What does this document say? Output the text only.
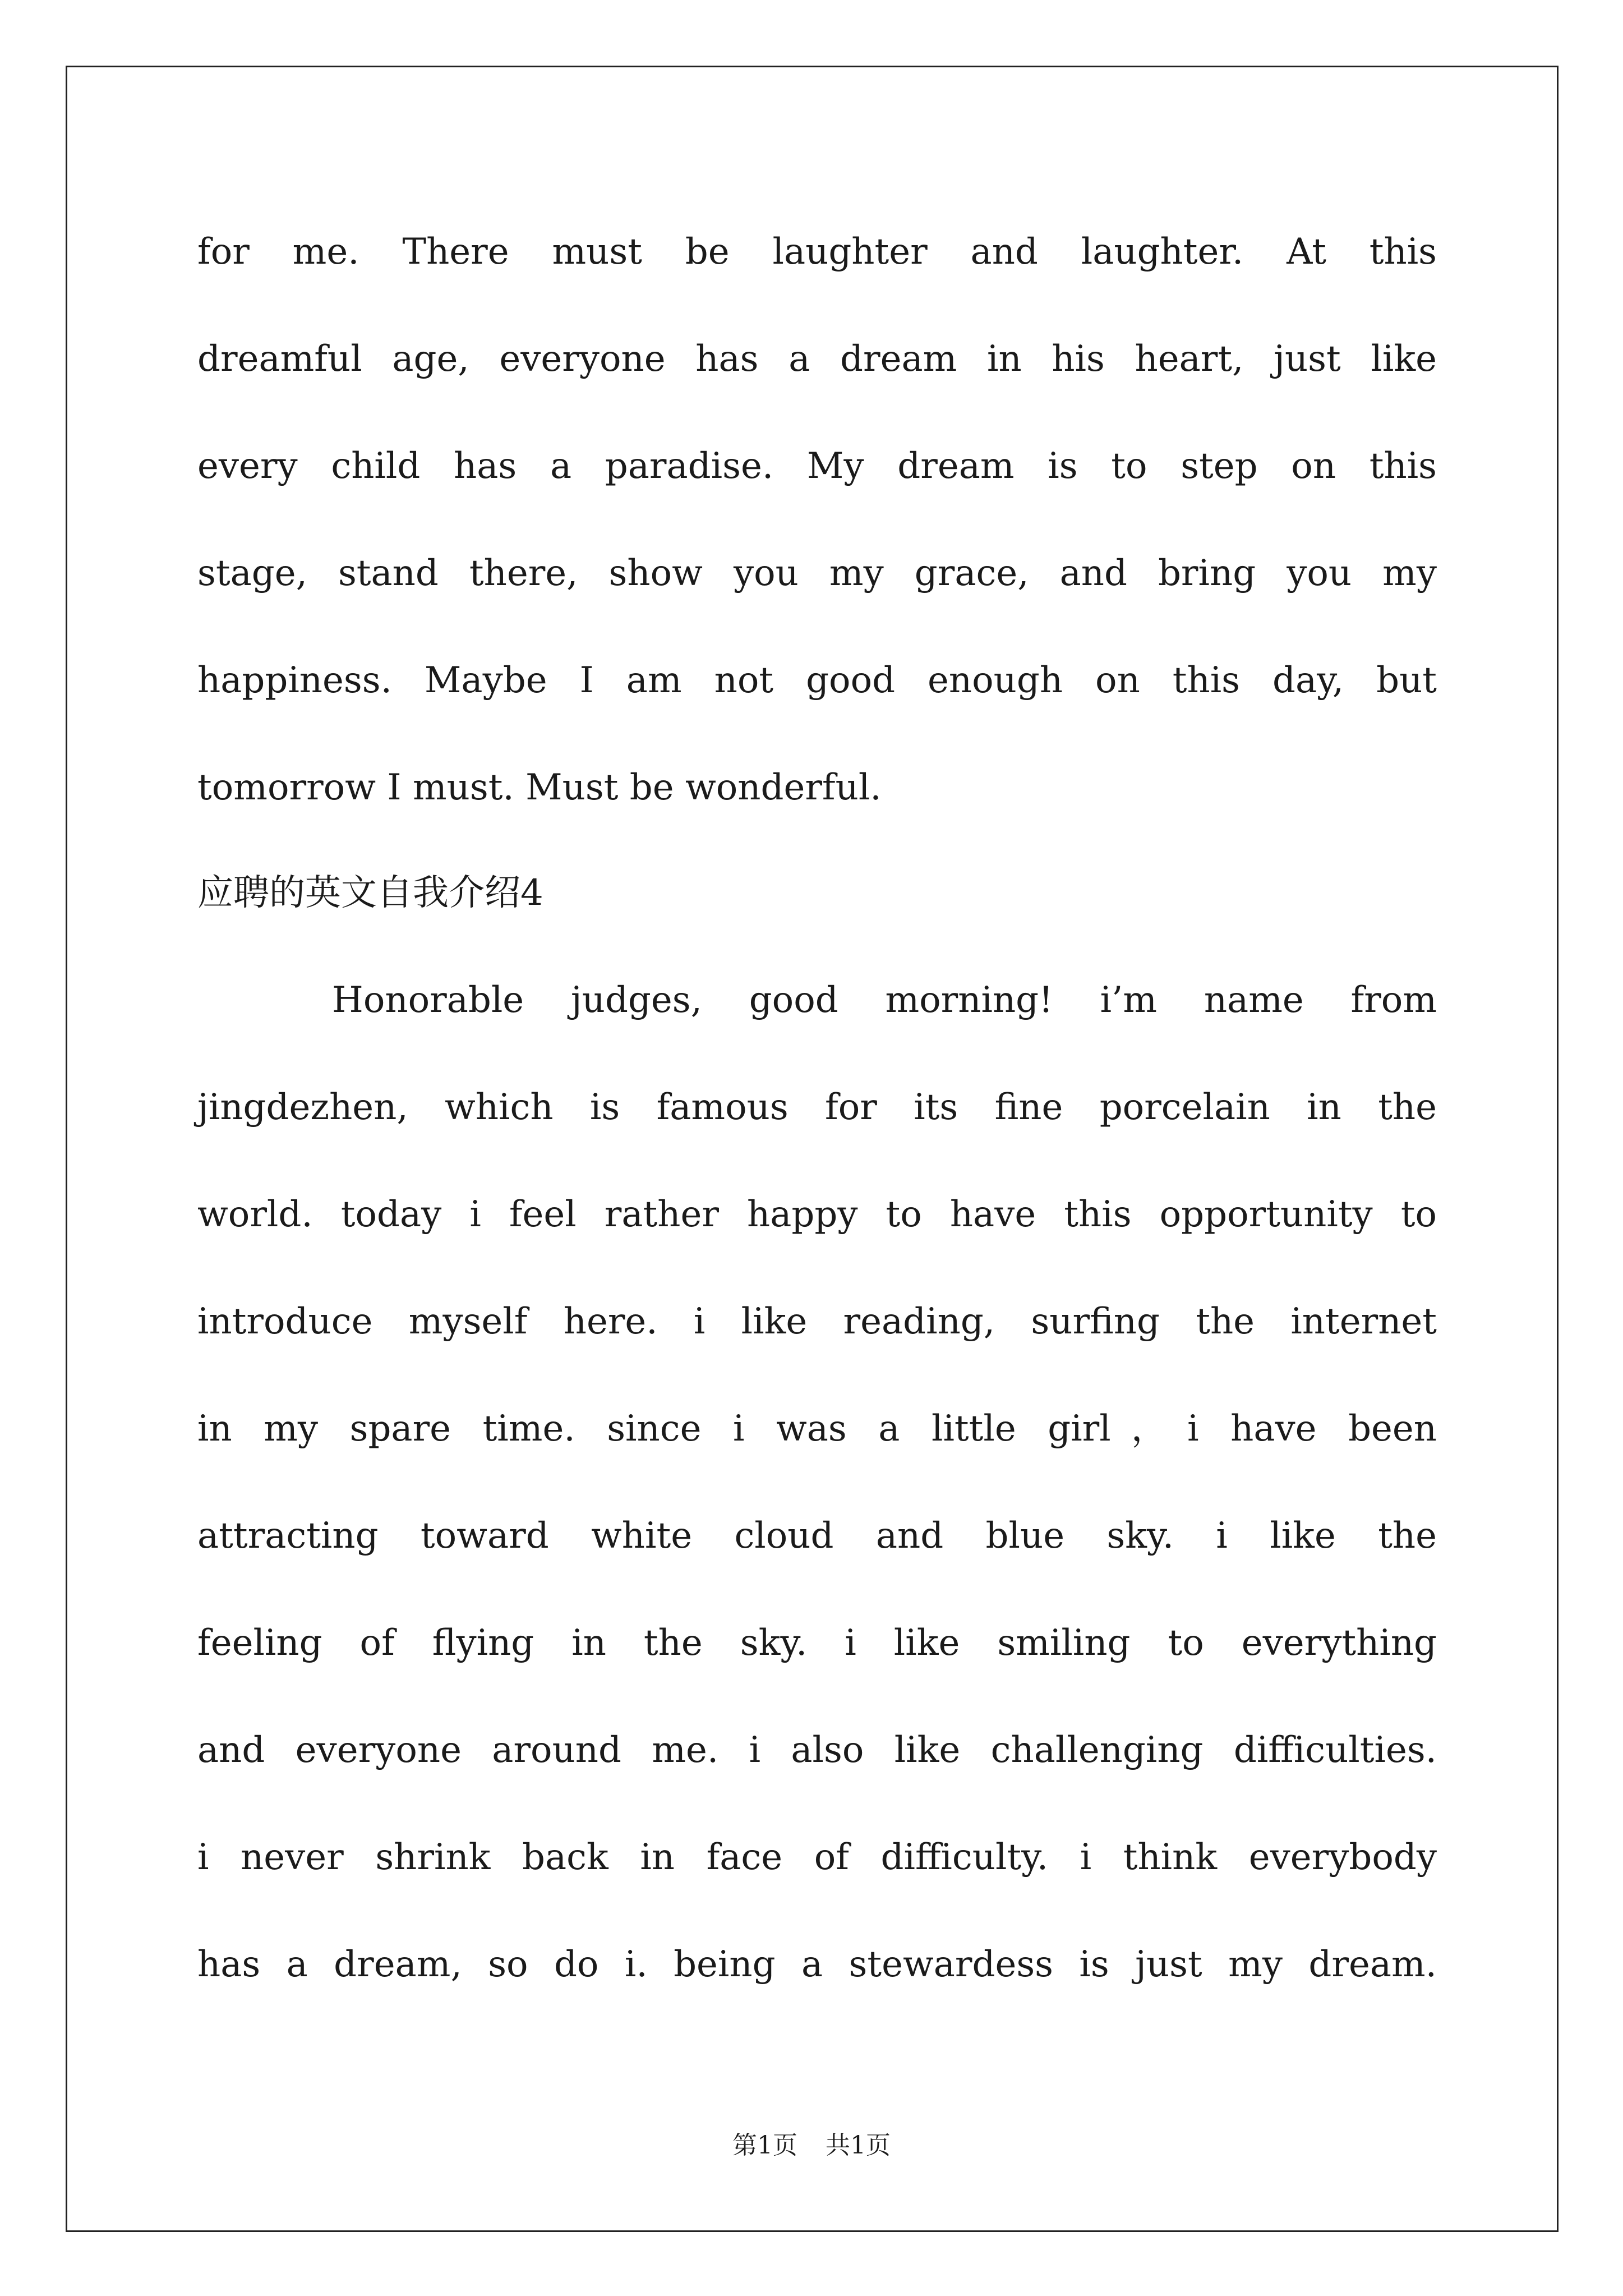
for me. There must be laughter and laughter. At this
dreamful age, everyone has a dream in his heart, just like
every child has a paradise. My dream is to step on this
stage, stand there, show you my grace, and bring you my
happiness. Maybe I am not good enough on this day, but
tomorrow I must. Must be wonderful.
应聘的英文自我介绍4
Honorable judges, good morning! i’m name from
jingdezhen, which is famous for its fine porcelain in the
world. today i feel rather happy to have this opportunity to
introduce myself here. i like reading, surfing the internet
in my spare time. since i was a little girl，i have been
attracting toward white cloud and blue sky. i like the
feeling of flying in the sky. i like smiling to everything
and everyone around me. i also like challenging difficulties.
i never shrink back in face of difficulty. i think everybody
has a dream, so do i. being a stewardess is just my dream.
第1页 共1页
